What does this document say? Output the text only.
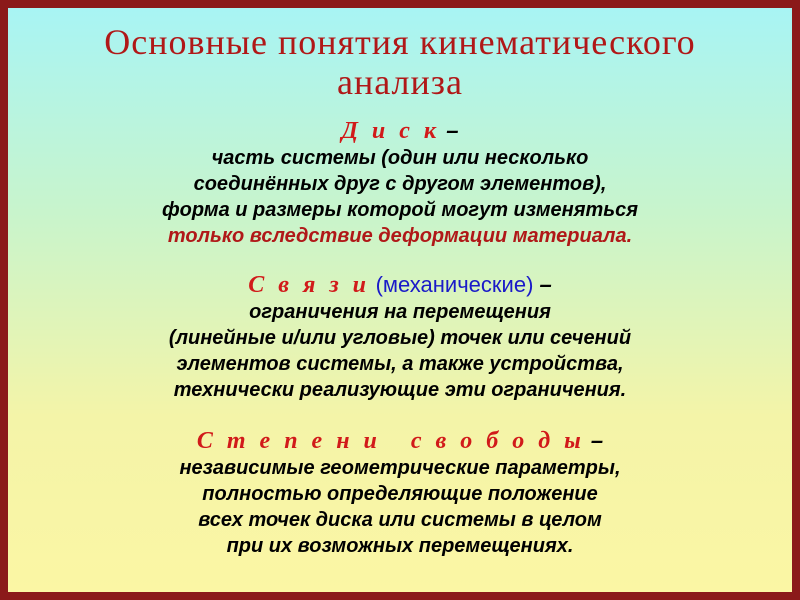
Основные понятия кинематического
анализа
Д и с к –
часть системы (один или несколько
соединённых друг с другом элементов),
форма и размеры которой могут изменяться
только вследствие деформации материала.
С в я з и (механические) –
ограничения на перемещения
(линейные и/или угловые) точек или сечений
элементов системы, а также устройства,
технически реализующие эти ограничения.
С т е п е н и   с в о б о д ы –
независимые геометрические параметры,
полностью определяющие положение
всех точек диска или системы в целом
при их возможных перемещениях.
